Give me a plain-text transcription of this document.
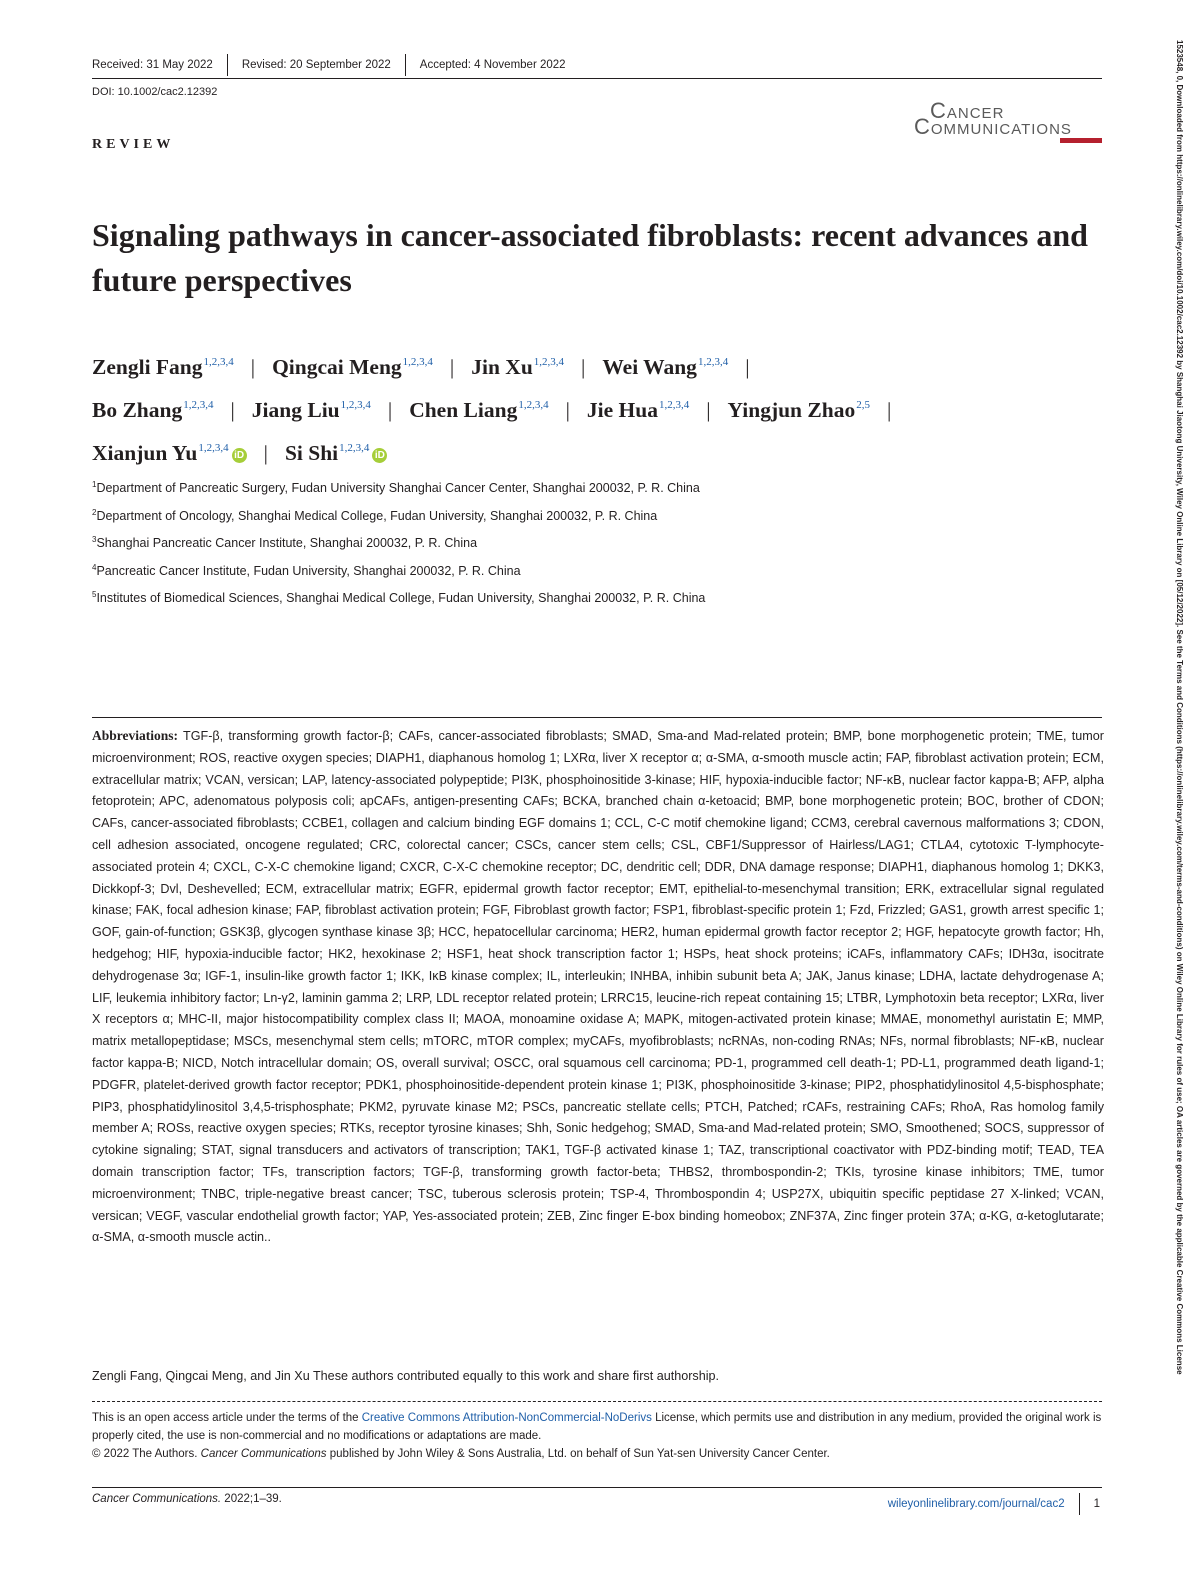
Received: 31 May 2022	Revised: 20 September 2022	Accepted: 4 November 2022
DOI: 10.1002/cac2.12392
CANCER
COMMUNICATIONS
REVIEW
Signaling pathways in cancer-associated fibroblasts: recent advances and future perspectives
Zengli Fang$^{1,2,3,4}$ | Qingcai Meng$^{1,2,3,4}$ | Jin Xu$^{1,2,3,4}$ | Wei Wang$^{1,2,3,4}$ |
Bo Zhang$^{1,2,3,4}$ | Jiang Liu$^{1,2,3,4}$ | Chen Liang$^{1,2,3,4}$ | Jie Hua$^{1,2,3,4}$ | Yingjun Zhao$^{2,5}$ |
Xianjun Yu$^{1,2,3,4}$iD | Si Shi$^{1,2,3,4}$iD
$^1$Department of Pancreatic Surgery, Fudan University Shanghai Cancer Center, Shanghai 200032, P. R. China
$^2$Department of Oncology, Shanghai Medical College, Fudan University, Shanghai 200032, P. R. China
$^3$Shanghai Pancreatic Cancer Institute, Shanghai 200032, P. R. China
$^4$Pancreatic Cancer Institute, Fudan University, Shanghai 200032, P. R. China
$^5$Institutes of Biomedical Sciences, Shanghai Medical College, Fudan University, Shanghai 200032, P. R. China

Abbreviations: TGF-β, transforming growth factor-β; CAFs, cancer-associated fibroblasts; SMAD, Sma-and Mad-related protein; BMP, bone morphogenetic protein; TME, tumor microenvironment; ROS, reactive oxygen species; DIAPH1, diaphanous homolog 1; LXRα, liver X receptor α; α-SMA, α-smooth muscle actin; FAP, fibroblast activation protein; ECM, extracellular matrix; VCAN, versican; LAP, latency-associated polypeptide; PI3K, phosphoinositide 3-kinase; HIF, hypoxia-inducible factor; NF-κB, nuclear factor kappa-B; AFP, alpha fetoprotein; APC, adenomatous polyposis coli; apCAFs, antigen-presenting CAFs; BCKA, branched chain α-ketoacid; BMP, bone morphogenetic protein; BOC, brother of CDON; CAFs, cancer-associated fibroblasts; CCBE1, collagen and calcium binding EGF domains 1; CCL, C-C motif chemokine ligand; CCM3, cerebral cavernous malformations 3; CDON, cell adhesion associated, oncogene regulated; CRC, colorectal cancer; CSCs, cancer stem cells; CSL, CBF1/Suppressor of Hairless/LAG1; CTLA4, cytotoxic T-lymphocyte-associated protein 4; CXCL, C-X-C chemokine ligand; CXCR, C-X-C chemokine receptor; DC, dendritic cell; DDR, DNA damage response; DIAPH1, diaphanous homolog 1; DKK3, Dickkopf-3; Dvl, Deshevelled; ECM, extracellular matrix; EGFR, epidermal growth factor receptor; EMT, epithelial-to-mesenchymal transition; ERK, extracellular signal regulated kinase; FAK, focal adhesion kinase; FAP, fibroblast activation protein; FGF, Fibroblast growth factor; FSP1, fibroblast-specific protein 1; Fzd, Frizzled; GAS1, growth arrest specific 1; GOF, gain-of-function; GSK3β, glycogen synthase kinase 3β; HCC, hepatocellular carcinoma; HER2, human epidermal growth factor receptor 2; HGF, hepatocyte growth factor; Hh, hedgehog; HIF, hypoxia-inducible factor; HK2, hexokinase 2; HSF1, heat shock transcription factor 1; HSPs, heat shock proteins; iCAFs, inflammatory CAFs; IDH3α, isocitrate dehydrogenase 3α; IGF-1, insulin-like growth factor 1; IKK, IκB kinase complex; IL, interleukin; INHBA, inhibin subunit beta A; JAK, Janus kinase; LDHA, lactate dehydrogenase A; LIF, leukemia inhibitory factor; Ln-γ2, laminin gamma 2; LRP, LDL receptor related protein; LRRC15, leucine-rich repeat containing 15; LTBR, Lymphotoxin beta receptor; LXRα, liver X receptors α; MHC-II, major histocompatibility complex class II; MAOA, monoamine oxidase A; MAPK, mitogen-activated protein kinase; MMAE, monomethyl auristatin E; MMP, matrix metallopeptidase; MSCs, mesenchymal stem cells; mTORC, mTOR complex; myCAFs, myofibroblasts; ncRNAs, non-coding RNAs; NFs, normal fibroblasts; NF-κB, nuclear factor kappa-B; NICD, Notch intracellular domain; OS, overall survival; OSCC, oral squamous cell carcinoma; PD-1, programmed cell death-1; PD-L1, programmed death ligand-1; PDGFR, platelet-derived growth factor receptor; PDK1, phosphoinositide-dependent protein kinase 1; PI3K, phosphoinositide 3-kinase; PIP2, phosphatidylinositol 4,5-bisphosphate; PIP3, phosphatidylinositol 3,4,5-trisphosphate; PKM2, pyruvate kinase M2; PSCs, pancreatic stellate cells; PTCH, Patched; rCAFs, restraining CAFs; RhoA, Ras homolog family member A; ROSs, reactive oxygen species; RTKs, receptor tyrosine kinases; Shh, Sonic hedgehog; SMAD, Sma-and Mad-related protein; SMO, Smoothened; SOCS, suppressor of cytokine signaling; STAT, signal transducers and activators of transcription; TAK1, TGF-β activated kinase 1; TAZ, transcriptional coactivator with PDZ-binding motif; TEAD, TEA domain transcription factor; TFs, transcription factors; TGF-β, transforming growth factor-beta; THBS2, thrombospondin-2; TKIs, tyrosine kinase inhibitors; TME, tumor microenvironment; TNBC, triple-negative breast cancer; TSC, tuberous sclerosis protein; TSP-4, Thrombospondin 4; USP27X, ubiquitin specific peptidase 27 X-linked; VCAN, versican; VEGF, vascular endothelial growth factor; YAP, Yes-associated protein; ZEB, Zinc finger E-box binding homeobox; ZNF37A, Zinc finger protein 37A; α-KG, α-ketoglutarate; α-SMA, α-smooth muscle actin..

Zengli Fang, Qingcai Meng, and Jin Xu These authors contributed equally to this work and share first authorship.

This is an open access article under the terms of the Creative Commons Attribution-NonCommercial-NoDerivs License, which permits use and distribution in any medium, provided the original work is properly cited, the use is non-commercial and no modifications or adaptations are made.

© 2022 The Authors. Cancer Communications published by John Wiley & Sons Australia, Ltd. on behalf of Sun Yat-sen University Cancer Center.

Cancer Communications. 2022;1–39.	wileyonlinelibrary.com/journal/cac2	1
1523548, 0, Downloaded from https://onlinelibrary.wiley.com/doi/10.1002/cac2.12392 by Shanghai Jiaotong University, Wiley Online Library on [05/12/2022]. See the Terms and Conditions (https://onlinelibrary.wiley.com/terms-and-conditions) on Wiley Online Library for rules of use; OA articles are governed by the applicable Creative Commons License
